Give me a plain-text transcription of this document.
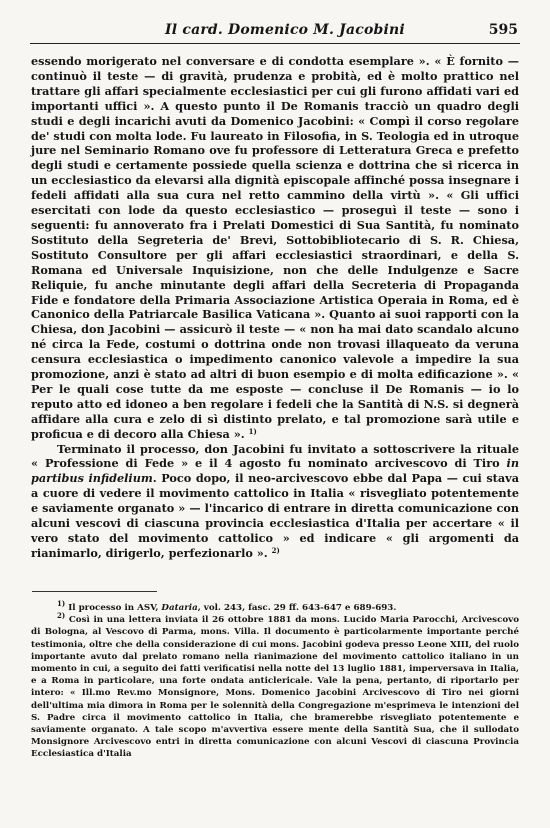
Il card. Domenico M. Jacobini	595

essendo morigerato nel conversare e di condotta esemplare ». « È fornito — continuò il teste — di gravità, prudenza e probità, ed è molto prattico nel trattare gli affari specialmente ecclesiastici per cui gli furono affidati vari ed importanti uffici ». A questo punto il De Romanis tracciò un quadro degli studi e degli incarichi avuti da Domenico Jacobini: « Compì il corso regolare de' studi con molta lode. Fu laureato in Filosofia, in S. Teologia ed in utroque jure nel Seminario Romano ove fu professore di Letteratura Greca e prefetto degli studi e certamente possiede quella scienza e dottrina che si ricerca in un ecclesiastico da elevarsi alla dignità episcopale affinché possa insegnare i fedeli affidati alla sua cura nel retto cammino della virtù ». « Gli uffici esercitati con lode da questo ecclesiastico — proseguì il teste — sono i seguenti: fu annoverato fra i Prelati Domestici di Sua Santità, fu nominato Sostituto della Segreteria de' Brevi, Sottobibliotecario di S. R. Chiesa, Sostituto Consultore per gli affari ecclesiastici straordinari, e della S. Romana ed Universale Inquisizione, non che delle Indulgenze e Sacre Reliquie, fu anche minutante degli affari della Secreteria di Propaganda Fide e fondatore della Primaria Associazione Artistica Operaia in Roma, ed è Canonico della Patriarcale Basilica Vaticana ». Quanto ai suoi rapporti con la Chiesa, don Jacobini — assicurò il teste — « non ha mai dato scandalo alcuno né circa la Fede, costumi o dottrina onde non trovasi illaqueato da veruna censura ecclesiastica o impedimento canonico valevole a impedire la sua promozione, anzi è stato ad altri di buon esempio e di molta edificazione ». « Per le quali cose tutte da me esposte — concluse il De Romanis — io lo reputo atto ed idoneo a ben regolare i fedeli che la Santità di N.S. si degnerà affidare alla cura e zelo di sì distinto prelato, e tal promozione sarà utile e proficua e di decoro alla Chiesa ». $^{1)}$

Terminato il processo, don Jacobini fu invitato a sottoscrivere la rituale « Professione di Fede » e il 4 agosto fu nominato arcivescovo di Tiro in partibus infidelium. Poco dopo, il neo-arcivescovo ebbe dal Papa — cui stava a cuore di vedere il movimento cattolico in Italia « risvegliato potentemente e saviamente organato » — l'incarico di entrare in diretta comunicazione con alcuni vescovi di ciascuna provincia ecclesiastica d'Italia per accertare « il vero stato del movimento cattolico » ed indicare « gli argomenti da rianimarlo, dirigerlo, perfezionarlo ». $^{2)}$

$^{1)}$ Il processo in ASV, Dataria, vol. 243, fasc. 29 ff. 643-647 e 689-693.

$^{2)}$ Così in una lettera inviata il 26 ottobre 1881 da mons. Lucido Maria Parocchi, Arcivescovo di Bologna, al Vescovo di Parma, mons. Villa. Il documento è particolarmente importante perché testimonia, oltre che della considerazione di cui mons. Jacobini godeva presso Leone XIII, del ruolo importante avuto dal prelato romano nella rianimazione del movimento cattolico italiano in un momento in cui, a seguito dei fatti verificatisi nella notte del 13 luglio 1881, imperversava in Italia, e a Roma in particolare, una forte ondata anticlericale. Vale la pena, pertanto, di riportarlo per intero: « Ill.mo Rev.mo Monsignore, Mons. Domenico Jacobini Arcivescovo di Tiro nei giorni dell'ultima mia dimora in Roma per le solennità della Congregazione m'esprimeva le intenzioni del S. Padre circa il movimento cattolico in Italia, che bramerebbe risvegliato potentemente e saviamente organato. A tale scopo m'avvertiva essere mente della Santità Sua, che il sullodato Monsignore Arcivescovo entri in diretta comunicazione con alcuni Vescovi di ciascuna Provincia Ecclesiastica d'Italia
